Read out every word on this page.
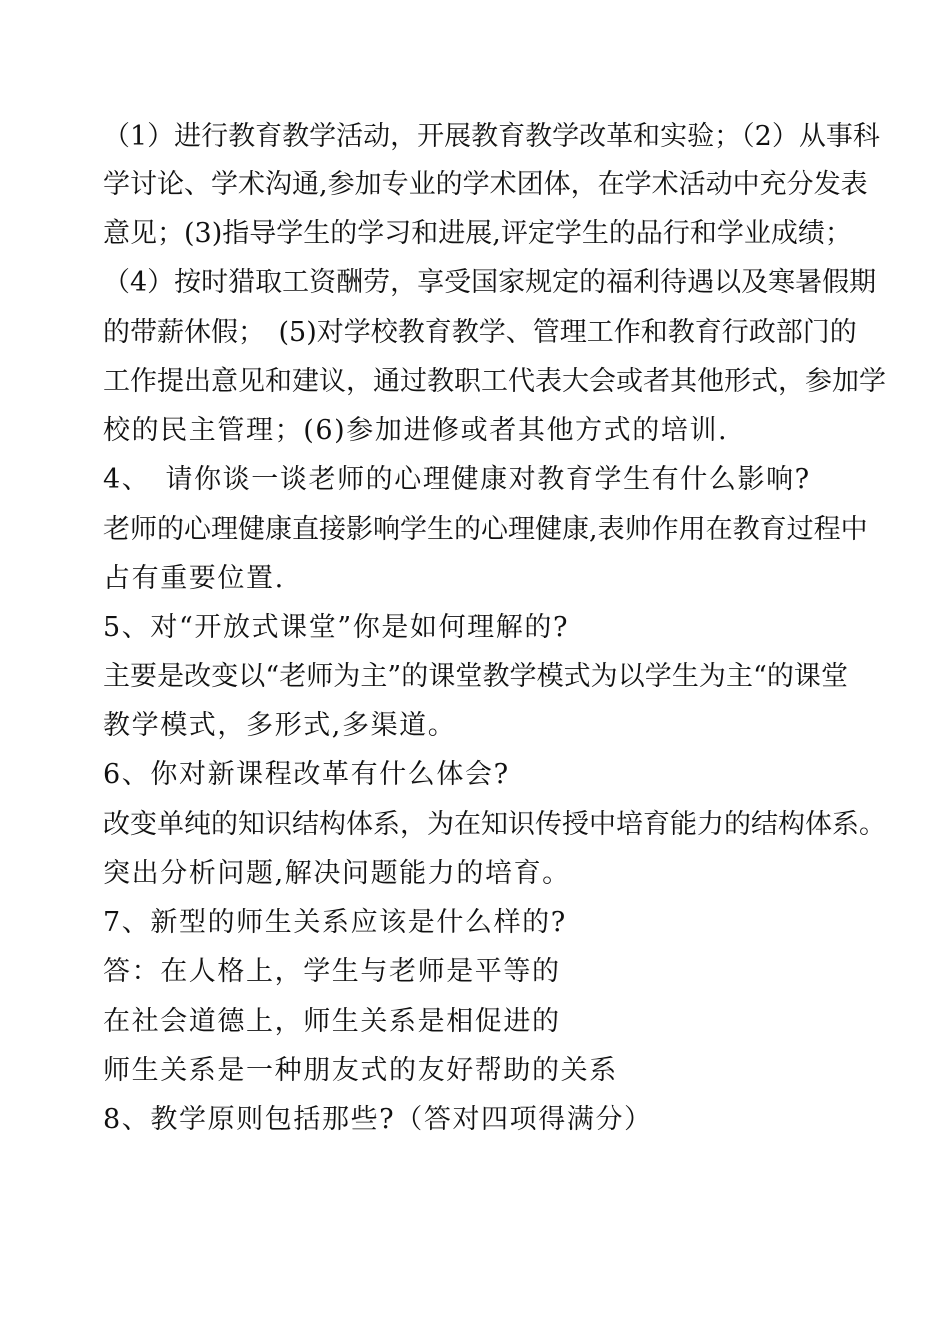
（1）进行教育教学活动，开展教育教学改革和实验；（2）从事科
学讨论、学术沟通,参加专业的学术团体，在学术活动中充分发表
意见；(3)指导学生的学习和进展,评定学生的品行和学业成绩；
（4）按时猎取工资酬劳，享受国家规定的福利待遇以及寒暑假期
的带薪休假；　(5)对学校教育教学、管理工作和教育行政部门的
工作提出意见和建议，通过教职工代表大会或者其他形式，参加学
校的民主管理；(6)参加进修或者其他方式的培训.
4、　请你谈一谈老师的心理健康对教育学生有什么影响?
老师的心理健康直接影响学生的心理健康,表帅作用在教育过程中
占有重要位置.
5、对“开放式课堂”你是如何理解的?
主要是改变以“老师为主”的课堂教学模式为以学生为主“的课堂
教学模式，多形式,多渠道。
6、你对新课程改革有什么体会?
改变单纯的知识结构体系，为在知识传授中培育能力的结构体系。
突出分析问题,解决问题能力的培育。
7、新型的师生关系应该是什么样的?
答：在人格上，学生与老师是平等的
在社会道德上，师生关系是相促进的
师生关系是一种朋友式的友好帮助的关系
8、教学原则包括那些?（答对四项得满分）
